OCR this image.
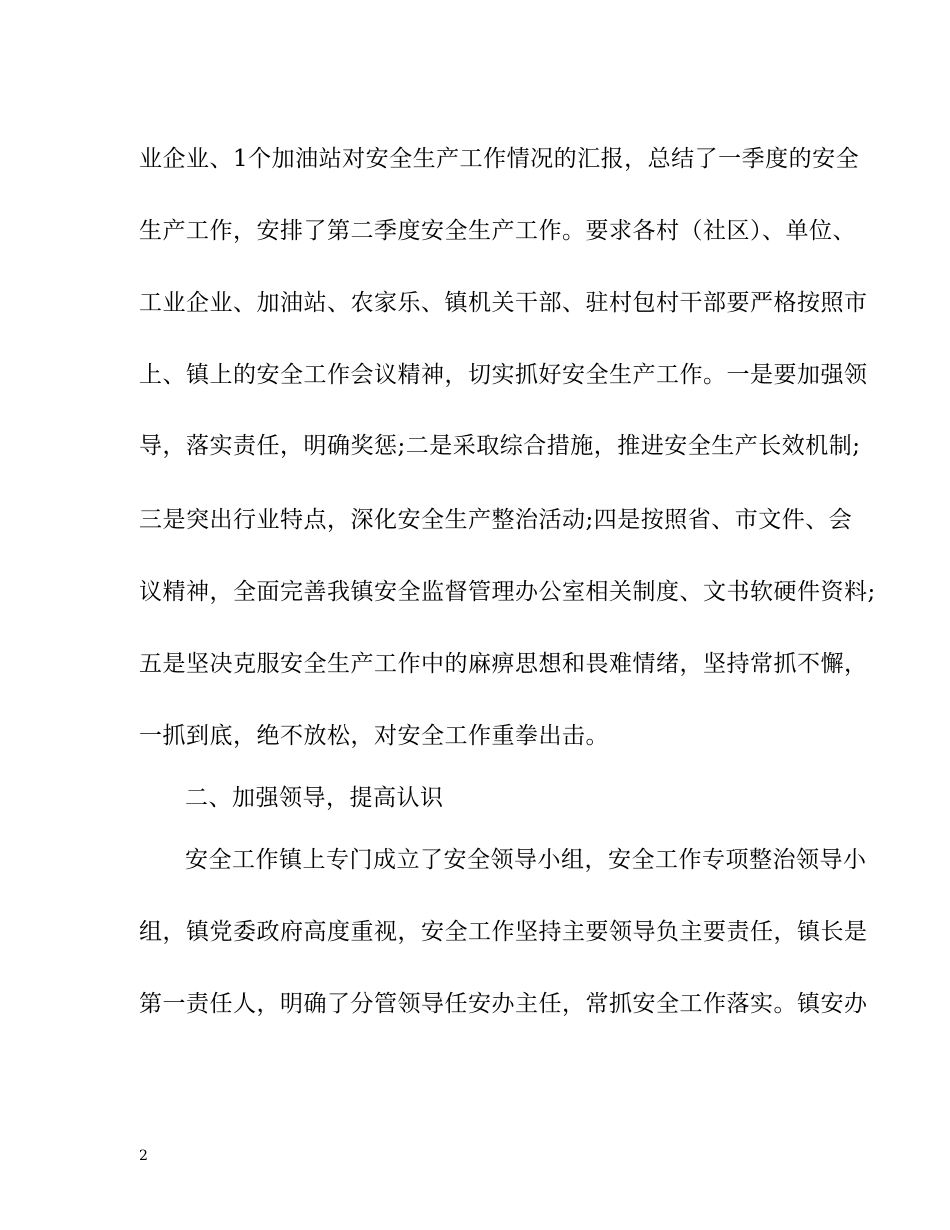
业企业、1个加油站对安全生产工作情况的汇报，总结了一季度的安全
生产工作，安排了第二季度安全生产工作。要求各村（社区）、单位、
工业企业、加油站、农家乐、镇机关干部、驻村包村干部要严格按照市
上、镇上的安全工作会议精神，切实抓好安全生产工作。一是要加强领
导，落实责任，明确奖惩;二是采取综合措施，推进安全生产长效机制;
三是突出行业特点，深化安全生产整治活动;四是按照省、市文件、会
议精神，全面完善我镇安全监督管理办公室相关制度、文书软硬件资料;
五是坚决克服安全生产工作中的麻痹思想和畏难情绪，坚持常抓不懈，
一抓到底，绝不放松，对安全工作重拳出击。
二、加强领导，提高认识
安全工作镇上专门成立了安全领导小组，安全工作专项整治领导小
组，镇党委政府高度重视，安全工作坚持主要领导负主要责任，镇长是
第一责任人，明确了分管领导任安办主任，常抓安全工作落实。镇安办
2
